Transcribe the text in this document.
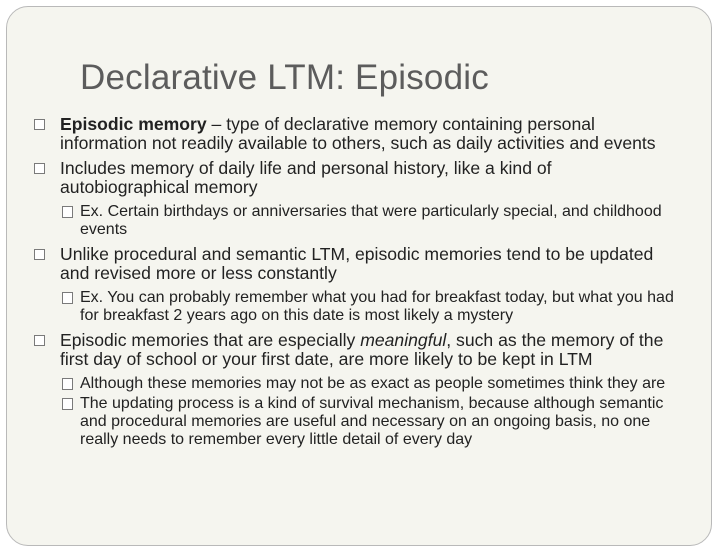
Declarative LTM: Episodic
Episodic memory – type of declarative memory containing personal information not readily available to others, such as daily activities and events
Includes memory of daily life and personal history, like a kind of autobiographical memory
Ex. Certain birthdays or anniversaries that were particularly special, and childhood events
Unlike procedural and semantic LTM, episodic memories tend to be updated and revised more or less constantly
Ex. You can probably remember what you had for breakfast today, but what you had for breakfast 2 years ago on this date is most likely a mystery
Episodic memories that are especially meaningful, such as the memory of the first day of school or your first date, are more likely to be kept in LTM
Although these memories may not be as exact as people sometimes think they are
The updating process is a kind of survival mechanism, because although semantic and procedural memories are useful and necessary on an ongoing basis, no one really needs to remember every little detail of every day
